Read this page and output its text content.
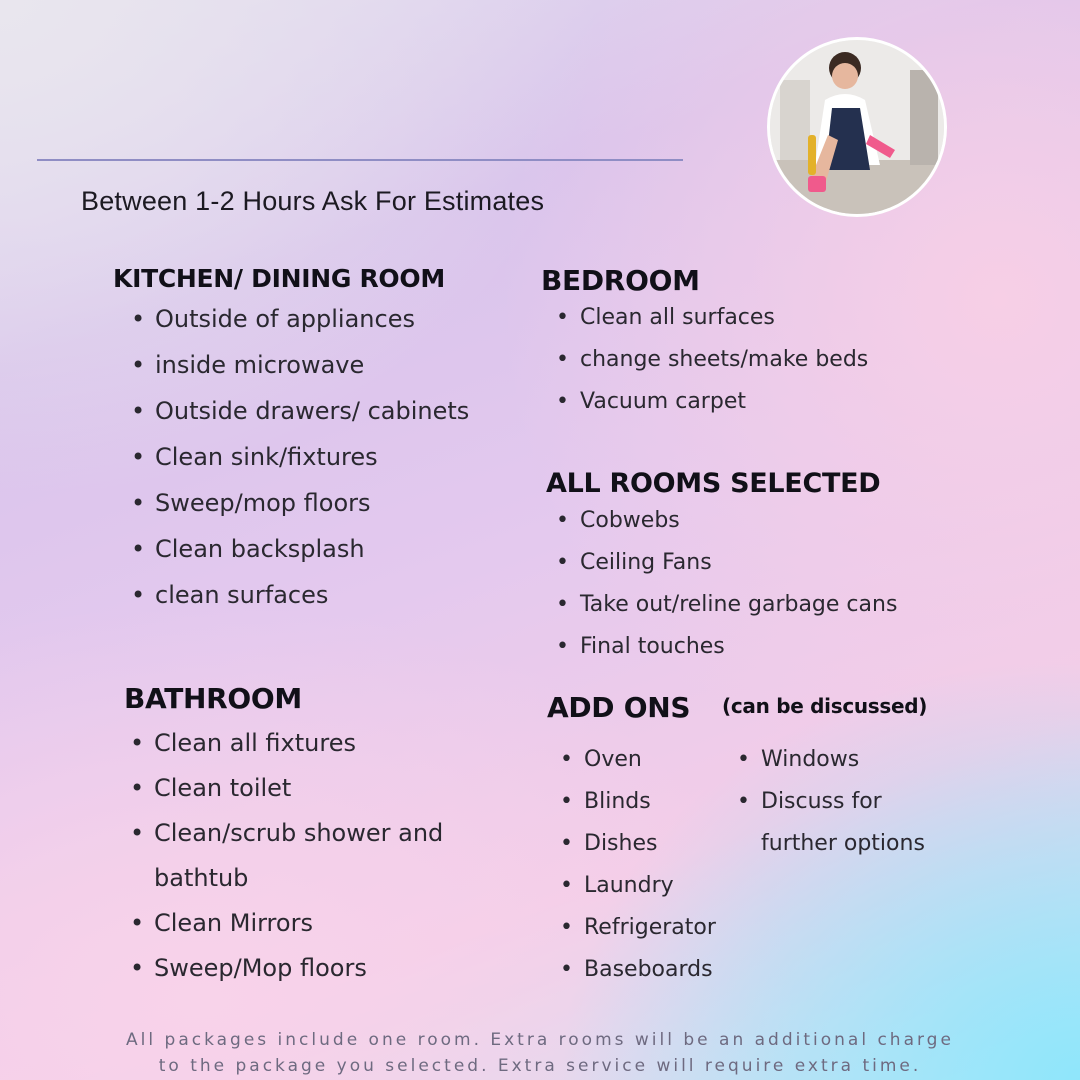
Between 1-2 Hours Ask For Estimates
KITCHEN/ DINING ROOM
• Outside of appliances
• inside microwave
• Outside drawers/ cabinets
• Clean sink/fixtures
• Sweep/mop floors
• Clean backsplash
• clean surfaces
BEDROOM
• Clean all surfaces
• change sheets/make beds
• Vacuum carpet
ALL ROOMS SELECTED
• Cobwebs
• Ceiling Fans
• Take out/reline garbage cans
• Final touches
BATHROOM
• Clean all fixtures
• Clean toilet
• Clean/scrub shower and bathtub
• Clean Mirrors
• Sweep/Mop floors
ADD ONS (can be discussed)
• Oven
• Blinds
• Dishes
• Laundry
• Refrigerator
• Baseboards
• Windows
• Discuss for further options
All packages include one room. Extra rooms will be an additional charge
to the package you selected. Extra service will require extra time.
